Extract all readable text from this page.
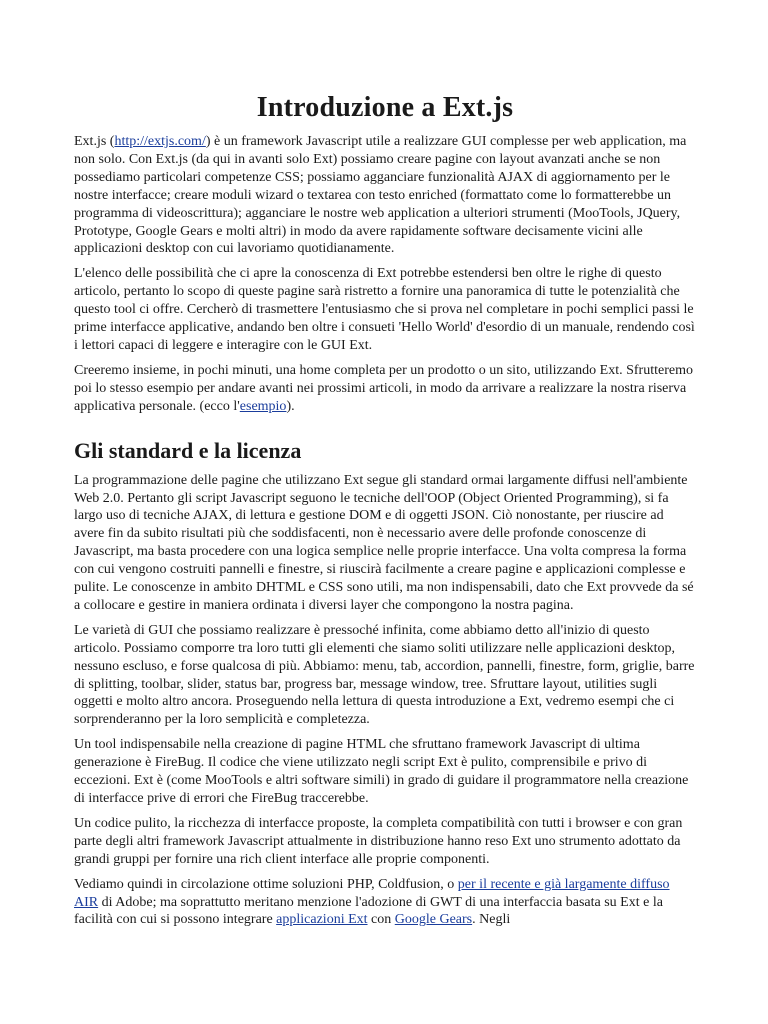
Introduzione a Ext.js

Ext.js (http://extjs.com/) è un framework Javascript utile a realizzare GUI complesse per web application, ma non solo. Con Ext.js (da qui in avanti solo Ext) possiamo creare pagine con layout avanzati anche se non possediamo particolari competenze CSS; possiamo agganciare funzionalità AJAX di aggiornamento per le nostre interfacce; creare moduli wizard o textarea con testo enriched (formattato come lo formatterebbe un programma di videoscrittura); agganciare le nostre web application a ulteriori strumenti (MooTools, JQuery, Prototype, Google Gears e molti altri) in modo da avere rapidamente software decisamente vicini alle applicazioni desktop con cui lavoriamo quotidianamente.

L'elenco delle possibilità che ci apre la conoscenza di Ext potrebbe estendersi ben oltre le righe di questo articolo, pertanto lo scopo di queste pagine sarà ristretto a fornire una panoramica di tutte le potenzialità che questo tool ci offre. Cercherò di trasmettere l'entusiasmo che si prova nel completare in pochi semplici passi le prime interfacce applicative, andando ben oltre i consueti 'Hello World' d'esordio di un manuale, rendendo così i lettori capaci di leggere e interagire con le GUI Ext.

Creeremo insieme, in pochi minuti, una home completa per un prodotto o un sito, utilizzando Ext. Sfrutteremo poi lo stesso esempio per andare avanti nei prossimi articoli, in modo da arrivare a realizzare la nostra riserva applicativa personale. (ecco l'esempio).

Gli standard e la licenza

La programmazione delle pagine che utilizzano Ext segue gli standard ormai largamente diffusi nell'ambiente Web 2.0. Pertanto gli script Javascript seguono le tecniche dell'OOP (Object Oriented Programming), si fa largo uso di tecniche AJAX, di lettura e gestione DOM e di oggetti JSON. Ciò nonostante, per riuscire ad avere fin da subito risultati più che soddisfacenti, non è necessario avere delle profonde conoscenze di Javascript, ma basta procedere con una logica semplice nelle proprie interfacce. Una volta compresa la forma con cui vengono costruiti pannelli e finestre, si riuscirà facilmente a creare pagine e applicazioni complesse e pulite. Le conoscenze in ambito DHTML e CSS sono utili, ma non indispensabili, dato che Ext provvede da sé a collocare e gestire in maniera ordinata i diversi layer che compongono la nostra pagina.

Le varietà di GUI che possiamo realizzare è pressoché infinita, come abbiamo detto all'inizio di questo articolo. Possiamo comporre tra loro tutti gli elementi che siamo soliti utilizzare nelle applicazioni desktop, nessuno escluso, e forse qualcosa di più. Abbiamo: menu, tab, accordion, pannelli, finestre, form, griglie, barre di splitting, toolbar, slider, status bar, progress bar, message window, tree. Sfruttare layout, utilities sugli oggetti e molto altro ancora. Proseguendo nella lettura di questa introduzione a Ext, vedremo esempi che ci sorprenderanno per la loro semplicità e completezza.

Un tool indispensabile nella creazione di pagine HTML che sfruttano framework Javascript di ultima generazione è FireBug. Il codice che viene utilizzato negli script Ext è pulito, comprensibile e privo di eccezioni. Ext è (come MooTools e altri software simili) in grado di guidare il programmatore nella creazione di interfacce prive di errori che FireBug traccerebbe.

Un codice pulito, la ricchezza di interfacce proposte, la completa compatibilità con tutti i browser e con gran parte degli altri framework Javascript attualmente in distribuzione hanno reso Ext uno strumento adottato da grandi gruppi per fornire una rich client interface alle proprie componenti.

Vediamo quindi in circolazione ottime soluzioni PHP, Coldfusion, o per il recente e già largamente diffuso AIR di Adobe; ma soprattutto meritano menzione l'adozione di GWT di una interfaccia basata su Ext e la facilità con cui si possono integrare applicazioni Ext con Google Gears. Negli
